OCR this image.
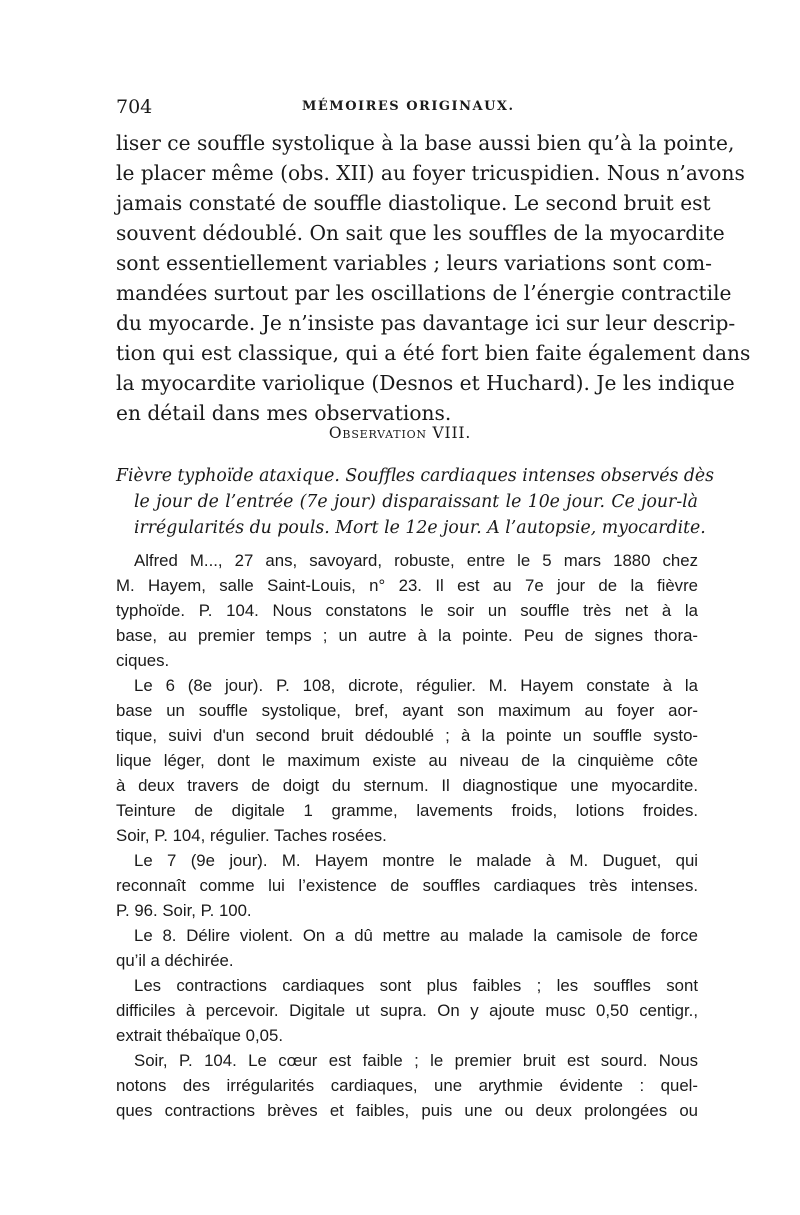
704	MÉMOIRES ORIGINAUX.
liser ce souffle systolique à la base aussi bien qu’à la pointe,
le placer même (obs. XII) au foyer tricuspidien. Nous n’avons
jamais constaté de souffle diastolique. Le second bruit est
souvent dédoublé. On sait que les souffles de la myocardite
sont essentiellement variables ; leurs variations sont com-
mandées surtout par les oscillations de l’énergie contractile
du myocarde. Je n’insiste pas davantage ici sur leur descrip-
tion qui est classique, qui a été fort bien faite également dans
la myocardite variolique (Desnos et Huchard). Je les indique
en détail dans mes observations.
Observation VIII.
Fièvre typhoïde ataxique. Souffles cardiaques intenses observés dès
le jour de l’entrée (7e jour) disparaissant le 10e jour. Ce jour-là
irrégularités du pouls. Mort le 12e jour. A l’autopsie, myocardite.
Alfred M..., 27 ans, savoyard, robuste, entre le 5 mars 1880 chez
M. Hayem, salle Saint-Louis, n° 23. Il est au 7e jour de la fièvre
typhoïde. P. 104. Nous constatons le soir un souffle très net à la
base, au premier temps ; un autre à la pointe. Peu de signes thora-
ciques.
Le 6 (8e jour). P. 108, dicrote, régulier. M. Hayem constate à la
base un souffle systolique, bref, ayant son maximum au foyer aor-
tique, suivi d'un second bruit dédoublé ; à la pointe un souffle systo-
lique léger, dont le maximum existe au niveau de la cinquième côte
à deux travers de doigt du sternum. Il diagnostique une myocardite.
Teinture de digitale 1 gramme, lavements froids, lotions froides.
Soir, P. 104, régulier. Taches rosées.
Le 7 (9e jour). M. Hayem montre le malade à M. Duguet, qui
reconnaît comme lui l’existence de souffles cardiaques très intenses.
P. 96. Soir, P. 100.
Le 8. Délire violent. On a dû mettre au malade la camisole de force
qu’il a déchirée.
Les contractions cardiaques sont plus faibles ; les souffles sont
difficiles à percevoir. Digitale ut supra. On y ajoute musc 0,50 centigr.,
extrait thébaïque 0,05.
Soir, P. 104. Le cœur est faible ; le premier bruit est sourd. Nous
notons des irrégularités cardiaques, une arythmie évidente : quel-
ques contractions brèves et faibles, puis une ou deux prolongées ou
